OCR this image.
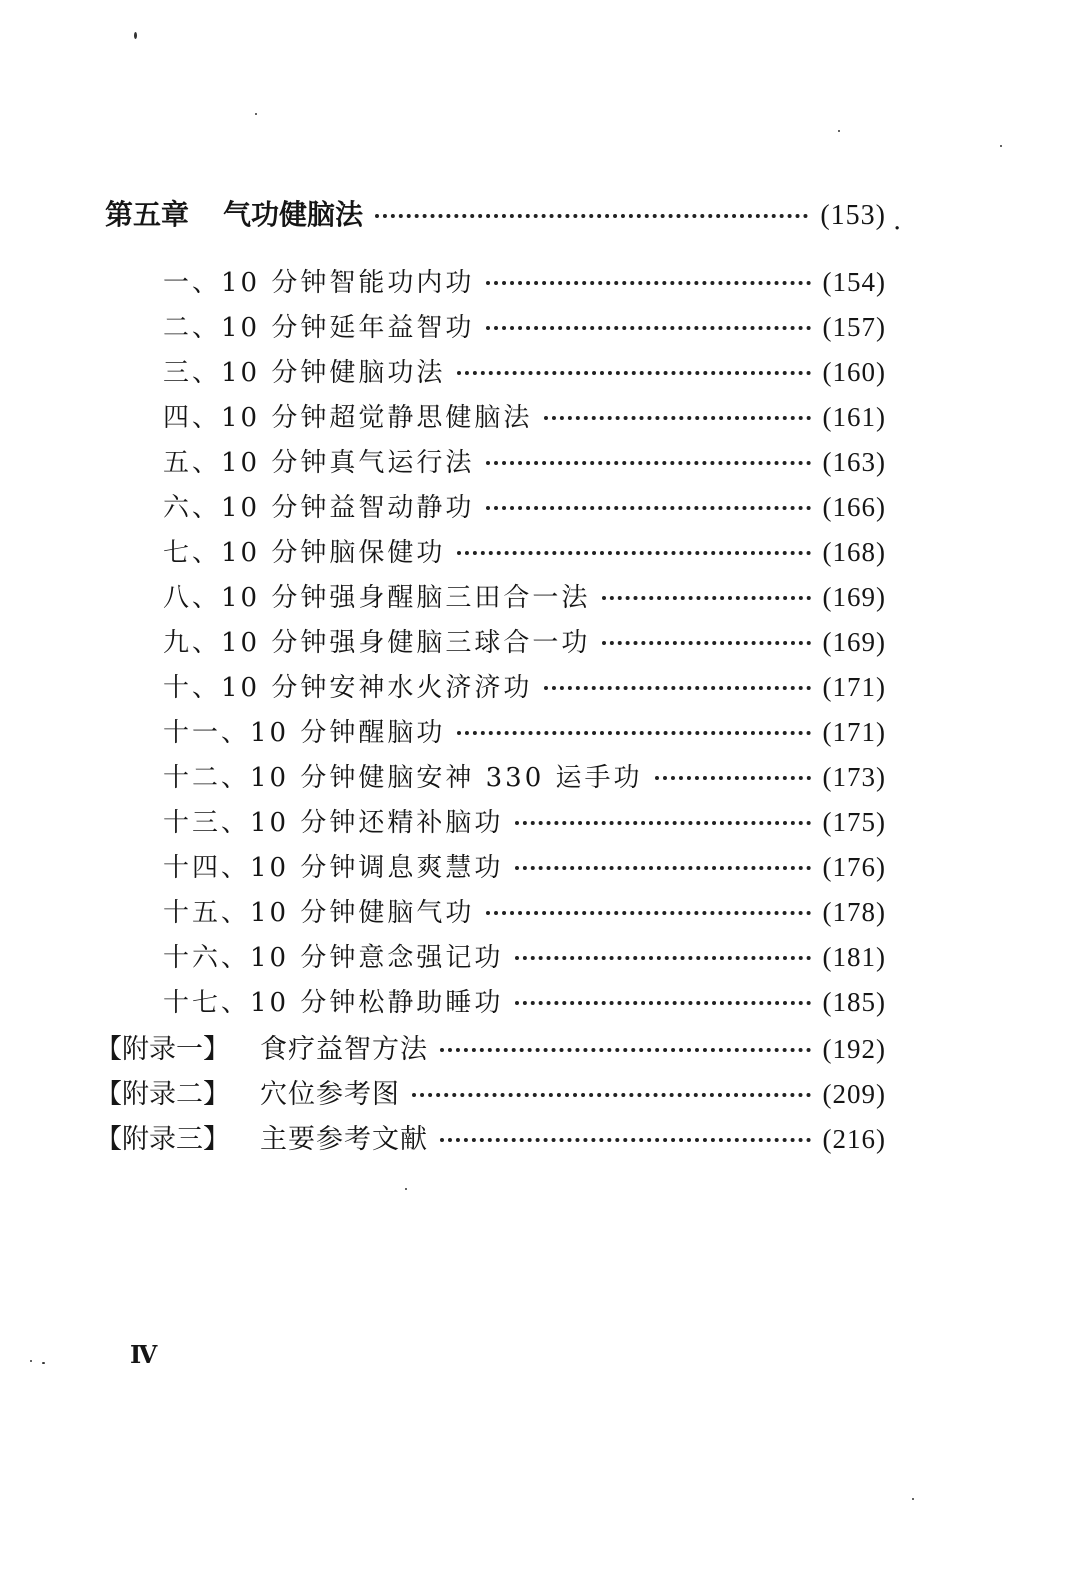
第五章 气功健脑法	(153) .
一、10 分钟智能功内功	(154)
二、10 分钟延年益智功	(157)
三、10 分钟健脑功法	(160)
四、10 分钟超觉静思健脑法	(161)
五、10 分钟真气运行法	(163)
六、10 分钟益智动静功	(166)
七、10 分钟脑保健功	(168)
八、10 分钟强身醒脑三田合一法	(169)
九、10 分钟强身健脑三球合一功	(169)
十、10 分钟安神水火济济功	(171)
十一、10 分钟醒脑功	(171)
十二、10 分钟健脑安神 330 运手功	(173)
十三、10 分钟还精补脑功	(175)
十四、10 分钟调息爽慧功	(176)
十五、10 分钟健脑气功	(178)
十六、10 分钟意念强记功	(181)
十七、10 分钟松静助睡功	(185)
【附录一】 食疗益智方法	(192)
【附录二】 穴位参考图	(209)
【附录三】 主要参考文献	(216)
Ⅳ
